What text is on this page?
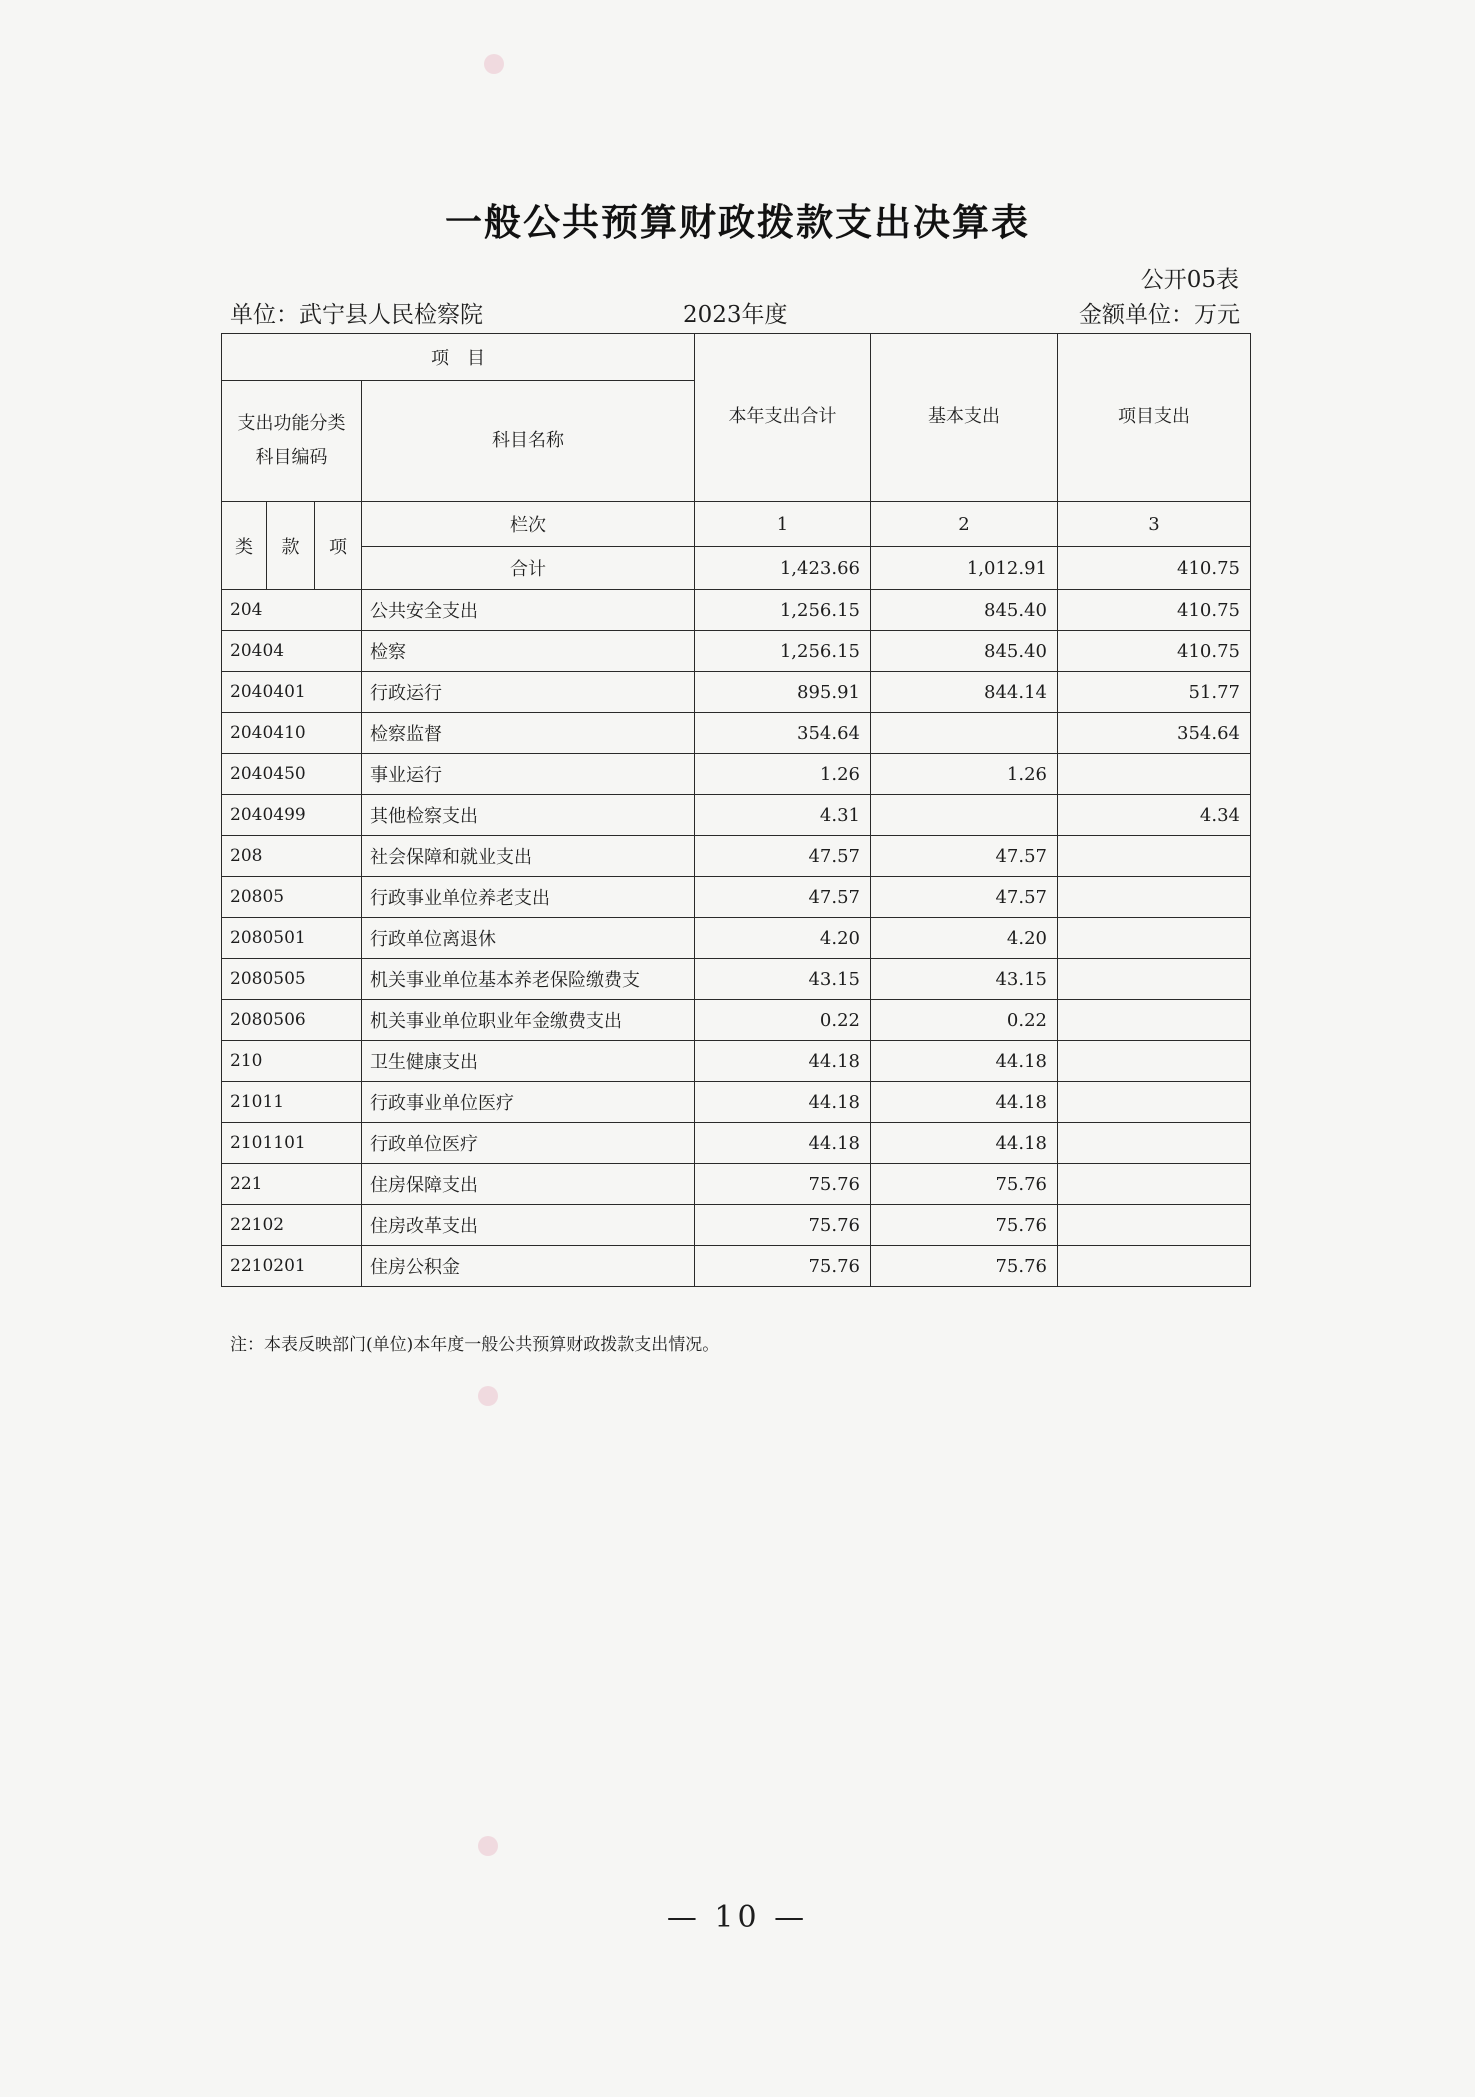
一般公共预算财政拨款支出决算表
公开05表
单位：武宁县人民检察院	2023年度	金额单位：万元
项　目				本年支出合计	基本支出	项目支出

支出功能分类
科目编码			科目名称			
类	款	项	栏次	1	2	3
			合计	1,423.66	1,012.91	410.75
204			公共安全支出	1,256.15	845.40	410.75
20404			检察	1,256.15	845.40	410.75
2040401			行政运行	895.91	844.14	51.77
2040410			检察监督	354.64		354.64
2040450			事业运行	1.26	1.26	
2040499			其他检察支出	4.31		4.34
208			社会保障和就业支出	47.57	47.57	
20805			行政事业单位养老支出	47.57	47.57	
2080501			行政单位离退休	4.20	4.20	
2080505			机关事业单位基本养老保险缴费支	43.15	43.15	
2080506			机关事业单位职业年金缴费支出	0.22	0.22	
210			卫生健康支出	44.18	44.18	
21011			行政事业单位医疗	44.18	44.18	
2101101			行政单位医疗	44.18	44.18	
221			住房保障支出	75.76	75.76	
22102			住房改革支出	75.76	75.76	
2210201			住房公积金	75.76	75.76	
注：本表反映部门(单位)本年度一般公共预算财政拨款支出情况。
— 10 —
